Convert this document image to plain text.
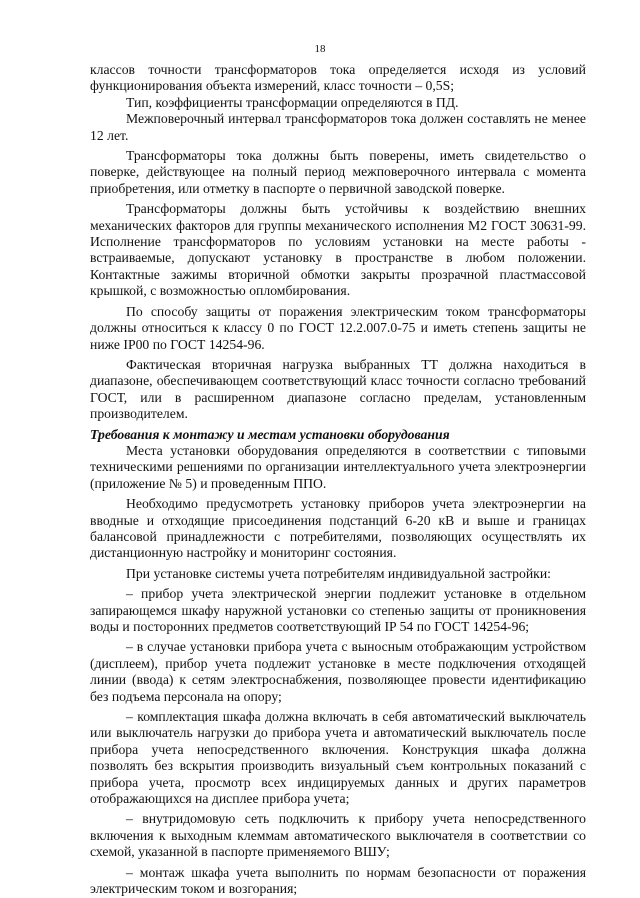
18

классов точности трансформаторов тока определяется исходя из условий функционирования объекта измерений, класс точности – 0,5S;

Тип, коэффициенты трансформации определяются в ПД.

Межповерочный интервал трансформаторов тока должен составлять не менее 12 лет.

Трансформаторы тока должны быть поверены, иметь свидетельство о поверке, действующее на полный период межповерочного интервала с момента приобретения, или отметку в паспорте о первичной заводской поверке.

Трансформаторы должны быть устойчивы к воздействию внешних механических факторов для группы механического исполнения М2 ГОСТ 30631-99. Исполнение трансформаторов по условиям установки на месте работы - встраиваемые, допускают установку в пространстве в любом положении. Контактные зажимы вторичной обмотки закрыты прозрачной пластмассовой крышкой, с возможностью опломбирования.

По способу защиты от поражения электрическим током трансформаторы должны относиться к классу 0 по ГОСТ 12.2.007.0-75 и иметь степень защиты не ниже IP00 по ГОСТ 14254-96.

Фактическая вторичная нагрузка выбранных ТТ должна находиться в диапазоне, обеспечивающем соответствующий класс точности согласно требований ГОСТ, или в расширенном диапазоне согласно пределам, установленным производителем.

Требования к монтажу и местам установки оборудования

Места установки оборудования определяются в соответствии с типовыми техническими решениями по организации интеллектуального учета электроэнергии (приложение № 5) и проведенным ППО.

Необходимо предусмотреть установку приборов учета электроэнергии на вводные и отходящие присоединения подстанций 6-20 кВ и выше и границах балансовой принадлежности с потребителями, позволяющих осуществлять их дистанционную настройку и мониторинг состояния.

При установке системы учета потребителям индивидуальной застройки:

– прибор учета электрической энергии подлежит установке в отдельном запирающемся шкафу наружной установки со степенью защиты от проникновения воды и посторонних предметов соответствующий IP 54 по ГОСТ 14254-96;

– в случае установки прибора учета с выносным отображающим устройством (дисплеем), прибор учета подлежит установке в месте подключения отходящей линии (ввода) к сетям электроснабжения, позволяющее провести идентификацию без подъема персонала на опору;

– комплектация шкафа должна включать в себя автоматический выключатель или выключатель нагрузки до прибора учета и автоматический выключатель после прибора учета непосредственного включения. Конструкция шкафа должна позволять без вскрытия производить визуальный съем контрольных показаний с прибора учета, просмотр всех индицируемых данных и других параметров отображающихся на дисплее прибора учета;

– внутридомовую сеть подключить к прибору учета непосредственного включения к выходным клеммам автоматического выключателя в соответствии со схемой, указанной в паспорте применяемого ВШУ;

– монтаж шкафа учета выполнить по нормам безопасности от поражения электрическим током и возгорания;
